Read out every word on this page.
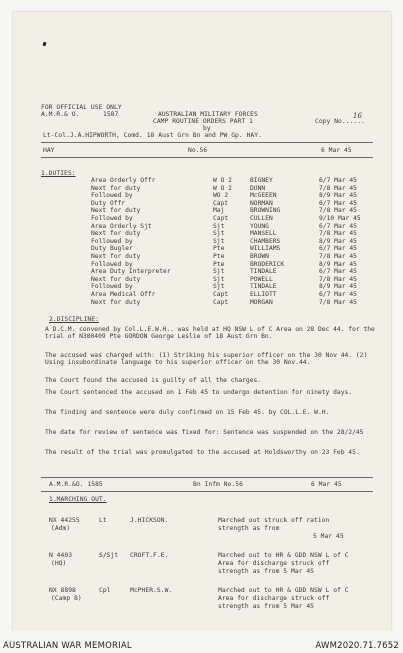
FOR OFFICIAL USE ONLY
A.M.R.& O.	1587	AUSTRALIAN MILITARY FORCES
CAMP ROUTINE ORDERS PART 1	Copy No......
16
by
Lt-Col.J.A.HIPWORTH, Comd. 18 Aust Grn Bn and PW Gp. HAY.
HAY	No.56	6 Mar 45
1.DUTIES:
Area Orderly Offr	W O 2	BIGNEY	6/7 Mar 45
Next for duty	W O 2	DUNN	7/8 Mar 45
Followed by	WO 2	McGEEEN	8/9 Mar 45
Duty Offr	Capt	NORMAN	6/7 Mar 45
Next for duty	Maj	BROWNING	7/8 Mar 45
Followed by	Capt	CULLEN	9/10 Mar 45
Area Orderly Sjt	Sjt	YOUNG	6/7 Mar 45
Next for duty	Sjt	MANSELL	7/8 Mar 45
Followed by	Sjt	CHAMBERS	8/9 Mar 45
Duty Bugler	Pte	WILLIAMS	6/7 Mar 45
Next for duty	Pte	BROWN	7/8 Mar 45
Followed by	Pte	BRODERICK	8/9 Mar 45
Area Duty Interpreter	Sjt	TINDALE	6/7 Mar 45
Next for duty	Sjt	POWELL	7/8 Mar 45
Followed by	Sjt	TINDALE	8/9 Mar 45
Area Medical Offr	Capt	ELLIOTT	6/7 Mar 45
Next for duty	Capt	MORGAN	7/8 Mar 45
2.DISCIPLINE:
A D.C.M. convened by Col.L.E.W.H.. was held at HQ NSW L of C Area on 28 Dec 44. for the trial of N380409 Pte GORDON George Leslie of 18 Aust Grn Bn.
The accused was charged with: (1) Striking his superior officer on the 30 Nov 44. (2) Using insubordinate language to his superior officer on the 30 Nov.44.
The Court found the accused is guilty of all the charges.
The Court sentenced the accused on 1 Feb 45 to undergo detention for ninety days.
The finding and sentence were duly confirmed on 15 Feb 45. by COL.L.E. W.H.
The date for review of sentence was fixed for: Sentence was suspended on the 28/2/45
The result of the trial was promulgated to the accused at Holdsworthy on 23 Feb 45.
A.M.R.&O. 1585	Bn Infm No.56	6 Mar 45
1.MARCHING OUT.
NX 44255
(Adm)
Lt	J.HICKSON.	Marched out struck off ration
strength as from
5 Mar 45
N 4403
(HQ)
S/Sjt CROFT.F.E.	Marched out to HR & GDD NSW L of C
Area for discharge struck off
strength as from 5 Mar 45
NX 8898
(Camp 8)
Cpl	McPHER.S.W.	Marched out to HR & GDD NSW L of C
Area for discharge struck off
strength as from 5 Mar 45
AUSTRALIAN WAR MEMORIAL	AWM2020.71.7652
